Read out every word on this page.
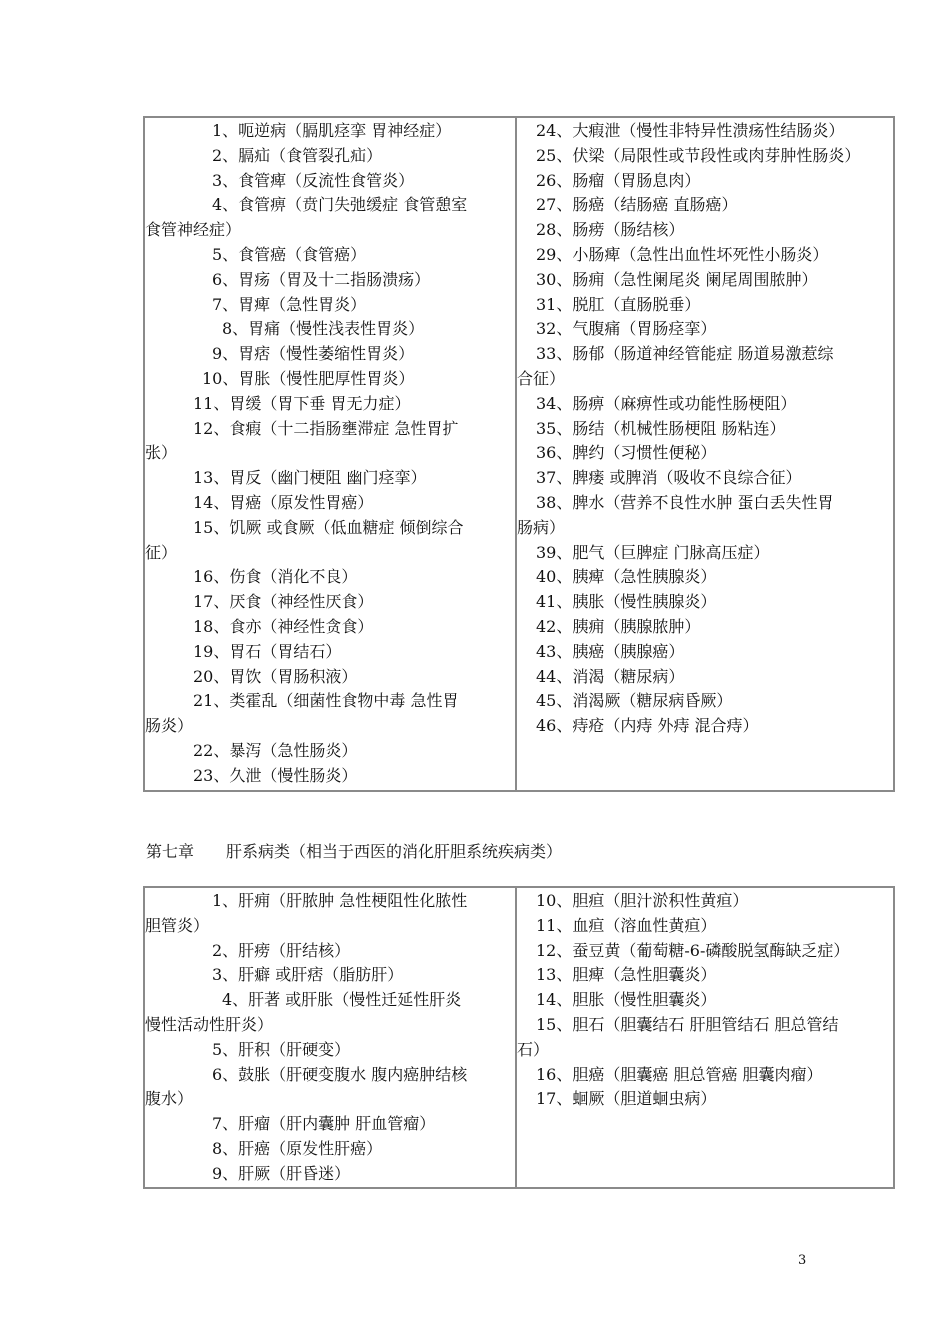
1、呃逆病（膈肌痉挛 胃神经症）
2、膈疝（食管裂孔疝）
3、食管痺（反流性食管炎）
4、食管痹（贲门失弛缓症 食管憩室
食管神经症）
5、食管癌（食管癌）
6、胃疡（胃及十二指肠溃疡）
7、胃痺（急性胃炎）
8、胃痛（慢性浅表性胃炎）
9、胃痞（慢性萎缩性胃炎）
10、胃胀（慢性肥厚性胃炎）
11、胃缓（胃下垂 胃无力症）
12、食瘕（十二指肠壅滞症 急性胃扩
张）
13、胃反（幽门梗阻 幽门痉挛）
14、胃癌（原发性胃癌）
15、饥厥 或食厥（低血糖症 倾倒综合
征）
16、伤食（消化不良）
17、厌食（神经性厌食）
18、食亦（神经性贪食）
19、胃石（胃结石）
20、胃饮（胃肠积液）
21、类霍乱（细菌性食物中毒 急性胃
肠炎）
22、暴泻（急性肠炎）
23、久泄（慢性肠炎）
24、大瘕泄（慢性非特异性溃疡性结肠炎）
25、伏梁（局限性或节段性或肉芽肿性肠炎）
26、肠瘤（胃肠息肉）
27、肠癌（结肠癌 直肠癌）
28、肠痨（肠结核）
29、小肠痺（急性出血性坏死性小肠炎）
30、肠痈（急性阑尾炎 阑尾周围脓肿）
31、脱肛（直肠脱垂）
32、气腹痛（胃肠痉挛）
33、肠郁（肠道神经管能症 肠道易激惹综
合征）
34、肠痹（麻痹性或功能性肠梗阻）
35、肠结（机械性肠梗阻 肠粘连）
36、脾约（习惯性便秘）
37、脾瘘 或脾消（吸收不良综合征）
38、脾水（营养不良性水肿 蛋白丢失性胃
肠病）
39、肥气（巨脾症 门脉高压症）
40、胰痺（急性胰腺炎）
41、胰胀（慢性胰腺炎）
42、胰痈（胰腺脓肿）
43、胰癌（胰腺癌）
44、消渴（糖尿病）
45、消渴厥（糖尿病昏厥）
46、痔疮（内痔 外痔 混合痔）
第七章　　肝系病类（相当于西医的消化肝胆系统疾病类）
1、肝痈（肝脓肿 急性梗阻性化脓性
胆管炎）
2、肝痨（肝结核）
3、肝癖 或肝痞（脂肪肝）
4、肝著 或肝胀（慢性迁延性肝炎
慢性活动性肝炎）
5、肝积（肝硬变）
6、鼓胀（肝硬变腹水 腹内癌肿结核
腹水）
7、肝瘤（肝内囊肿 肝血管瘤）
8、肝癌（原发性肝癌）
9、肝厥（肝昏迷）
10、胆疸（胆汁淤积性黄疸）
11、血疸（溶血性黄疸）
12、蚕豆黄（葡萄糖-6-磷酸脱氢酶缺乏症）
13、胆痺（急性胆囊炎）
14、胆胀（慢性胆囊炎）
15、胆石（胆囊结石 肝胆管结石 胆总管结
石）
16、胆癌（胆囊癌 胆总管癌 胆囊肉瘤）
17、蛔厥（胆道蛔虫病）
3
